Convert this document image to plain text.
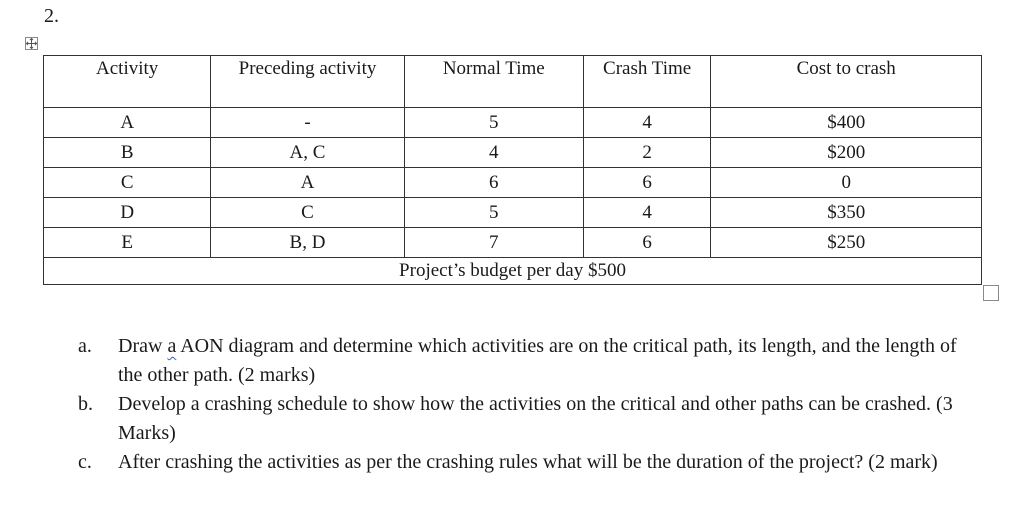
2.
Activity	Preceding activity	Normal Time	Crash Time	Cost to crash
A	-	5	4	$400
B	A, C	4	2	$200
C	A	6	6	0
D	C	5	4	$350
E	B, D	7	6	$250
Project’s budget per day $500				
a.	Draw a AON diagram and determine which activities are on the critical path, its length, and the length of the other path. (2 marks)
b.	Develop a crashing schedule to show how the activities on the critical and other paths can be crashed. (3 Marks)
c.	After crashing the activities as per the crashing rules what will be the duration of the project? (2 mark)
